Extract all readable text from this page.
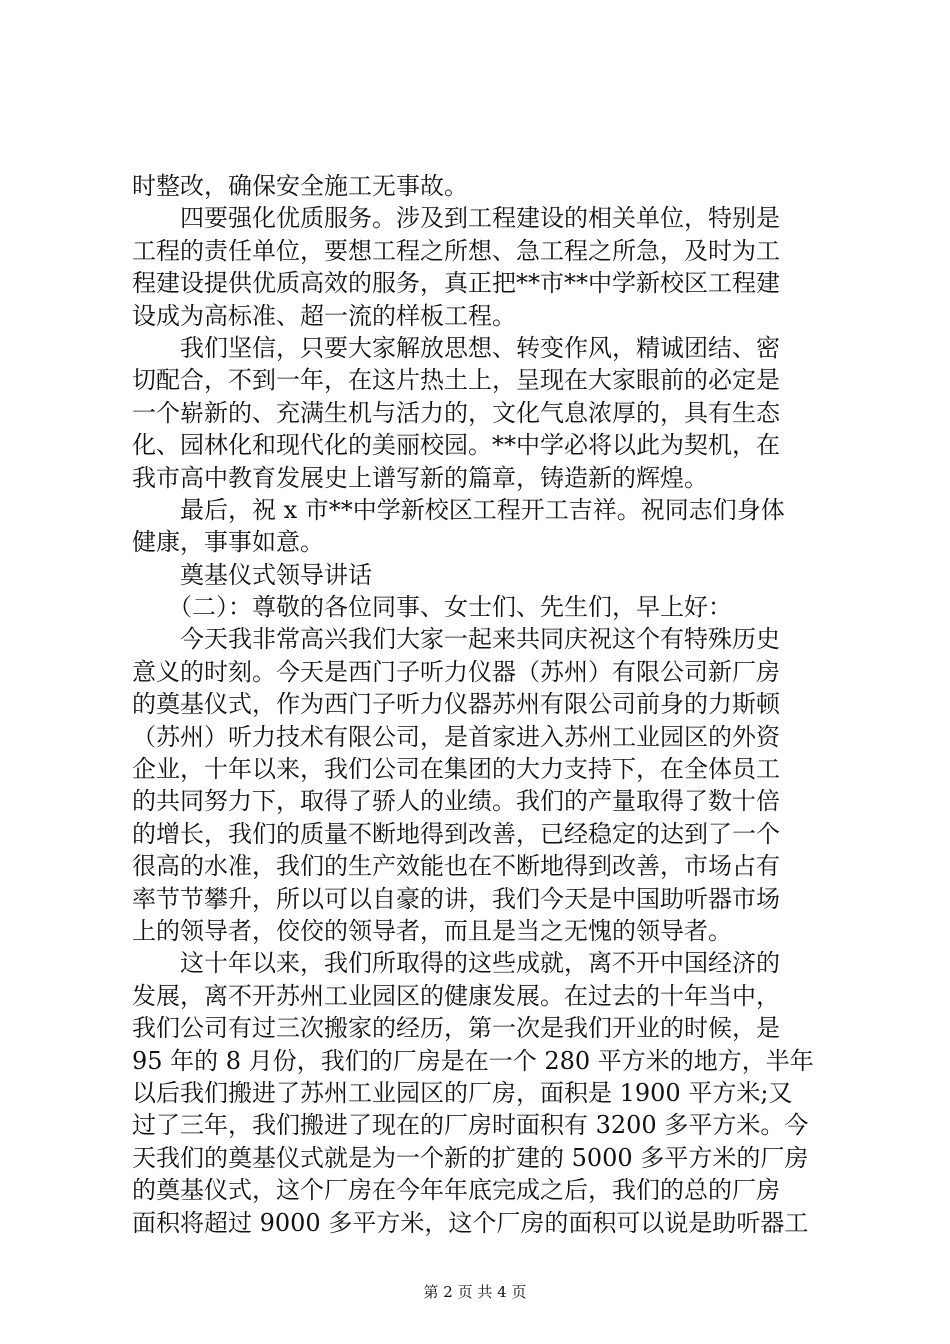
时整改，确保安全施工无事故。
　　四要强化优质服务。涉及到工程建设的相关单位，特别是
工程的责任单位，要想工程之所想、急工程之所急，及时为工
程建设提供优质高效的服务，真正把**市**中学新校区工程建
设成为高标准、超一流的样板工程。
　　我们坚信，只要大家解放思想、转变作风，精诚团结、密
切配合，不到一年，在这片热土上，呈现在大家眼前的必定是
一个崭新的、充满生机与活力的，文化气息浓厚的，具有生态
化、园林化和现代化的美丽校园。**中学必将以此为契机，在
我市高中教育发展史上谱写新的篇章，铸造新的辉煌。
　　最后，祝 x 市**中学新校区工程开工吉祥。祝同志们身体
健康，事事如意。
　　奠基仪式领导讲话
　　（二）：尊敬的各位同事、女士们、先生们，早上好：
　　今天我非常高兴我们大家一起来共同庆祝这个有特殊历史
意义的时刻。今天是西门子听力仪器（苏州）有限公司新厂房
的奠基仪式，作为西门子听力仪器苏州有限公司前身的力斯顿
（苏州）听力技术有限公司，是首家进入苏州工业园区的外资
企业，十年以来，我们公司在集团的大力支持下，在全体员工
的共同努力下，取得了骄人的业绩。我们的产量取得了数十倍
的增长，我们的质量不断地得到改善，已经稳定的达到了一个
很高的水准，我们的生产效能也在不断地得到改善，市场占有
率节节攀升，所以可以自豪的讲，我们今天是中国助听器市场
上的领导者，佼佼的领导者，而且是当之无愧的领导者。
　　这十年以来，我们所取得的这些成就，离不开中国经济的
发展，离不开苏州工业园区的健康发展。在过去的十年当中，
我们公司有过三次搬家的经历，第一次是我们开业的时候，是
95 年的 8 月份，我们的厂房是在一个 280 平方米的地方，半年
以后我们搬进了苏州工业园区的厂房，面积是 1900 平方米;又
过了三年，我们搬进了现在的厂房时面积有 3200 多平方米。今
天我们的奠基仪式就是为一个新的扩建的 5000 多平方米的厂房
的奠基仪式，这个厂房在今年年底完成之后，我们的总的厂房
面积将超过 9000 多平方米，这个厂房的面积可以说是助听器工
第 2 页 共 4 页
